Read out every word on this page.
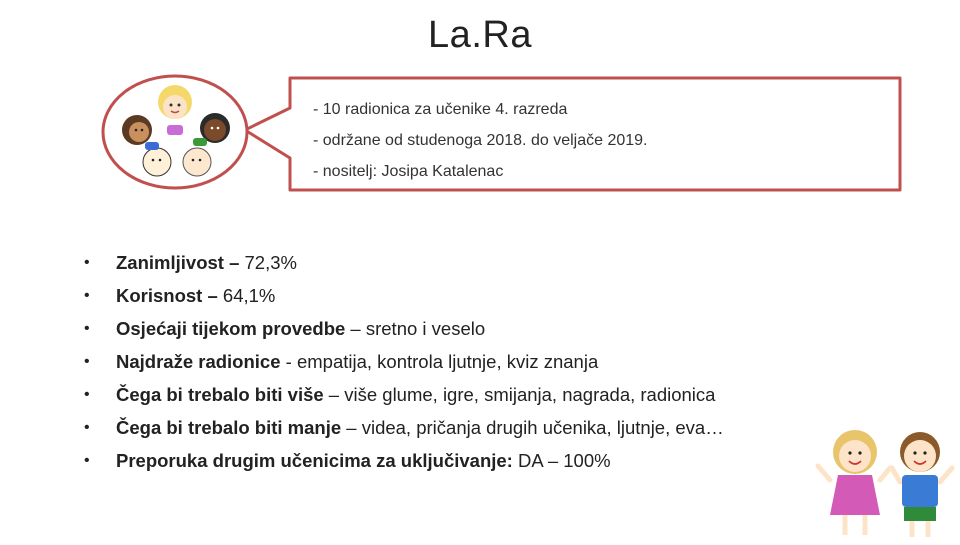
La.Ra
- 10 radionica za učenike 4. razreda
- održane od studenoga 2018. do veljače 2019.
- nositelj: Josipa Katalenac
• Zanimljivost – 72,3%
• Korisnost – 64,1%
• Osjećaji tijekom provedbe – sretno i veselo
• Najdraže radionice - empatija, kontrola ljutnje, kviz znanja
• Čega bi trebalo biti više – više glume, igre, smijanja, nagrada, radionica
• Čega bi trebalo biti manje – videa, pričanja drugih učenika, ljutnje, eva…
• Preporuka drugim učenicima za uključivanje: DA – 100%
